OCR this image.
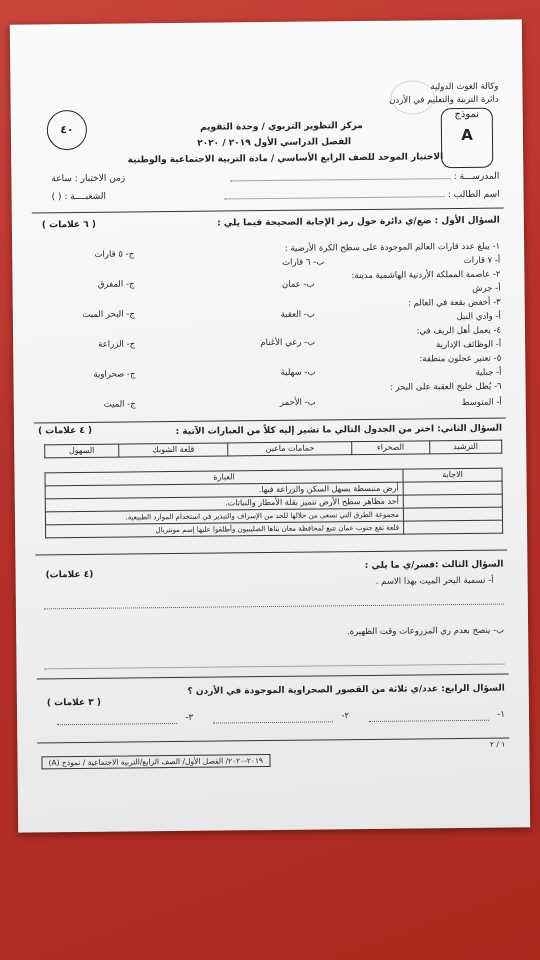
وكالة الغوث الدولية
دائرة التربية والتعليم في الأردن
نموذج
A
٤٠	مركز التطوير التربوي / وحدة التقويم
الفصل الدراسي الأول ٢٠١٩ / ٢٠٢٠
الاختبار الموحد للصف الرابع الأساسي / مادة التربية الاجتماعية والوطنية
المدرســـة :
زمن الاختبار : ساعة
اسم الطالب :
الشعبــــة : ( )
السؤال الأول : ضع/ي دائرة حول رمز الإجابة الصحيحة فيما يلي :
( ٦ علامات )
١- يبلغ عدد قارات العالم الموجودة على سطح الكرة الأرضية :
أ- ٧ قارات
ب- ٦ قارات
ج- ٥ قارات
٢- عاصمة المملكة الأردنية الهاشمية مدينة:
أ- جرش
ب- عمان
ج- المفرق
٣- أخفض بقعة في العالم :
أ- وادي النيل
ب- العقبة
ج- البحر الميت
٤- يعمل أهل الريف في:
أ- الوظائف الإدارية
ب- رعي الأغنام
ج- الزراعة
٥- تعتبر عجلون منطقة:
أ- جبلية
ب- سهلية
ج- صحراوية
٦- يُطل خليج العقبة على البحر :
أ- المتوسط
ب- الأحمر
ج- الميت
السؤال الثاني: اختر من الجدول التالي ما تشير إليه كلاً من العبارات الآتية :
( ٤ علامات )
الترشيد	الصحراء	حمامات ماعين	قلعة الشوبك	السهول
الاجابة	العبارة
	أرض منبسطة يسهل السكن والزراعة فيها.
	أحد مظاهر سطح الأرض تتميز بقلة الأمطار والنباتات.
	مجموعة الطرق التي نسعى من خلالها للحد من الإسراف والتبذير في استخدام الموارد الطبيعية.
	قلعة تقع جنوب عمان تتبع لمحافظة معان بناها الصليبيون وأطلقوا عليها إسم مونتريال
السؤال الثالث :فسر/ي ما يلي :
(٤ علامات)
أ- تسمية البحر الميت بهذا الاسم .
ب- ينصح بعدم ري المزروعات وقت الظهيرة.
السؤال الرابع: عدد/ي ثلاثة من القصور الصحراوية الموجودة في الأردن ؟
( ٣ علامات )
١-
٢-
٣-
١ / ٢
٢٠١٩-٢٠٢٠/ الفصل الأول/ الصف الرابع/التربية الاجتماعية / نموذج (A)
